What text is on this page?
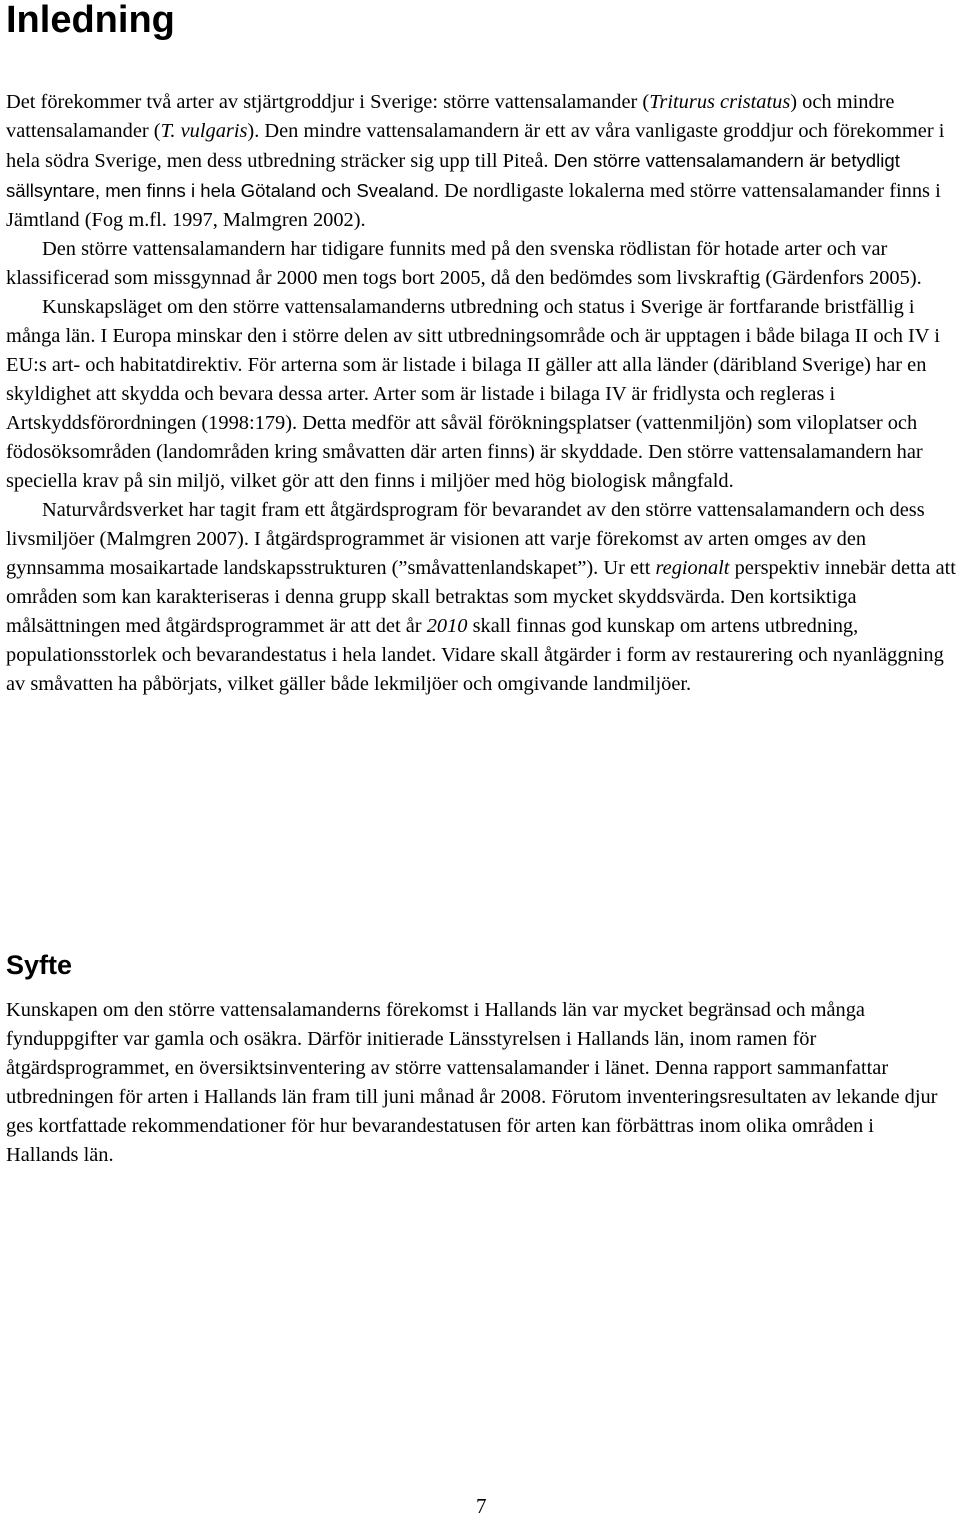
Inledning

Det förekommer två arter av stjärtgroddjur i Sverige: större vattensalamander (Triturus cristatus) och mindre vattensalamander (T. vulgaris). Den mindre vattensalamandern är ett av våra vanligaste groddjur och förekommer i hela södra Sverige, men dess utbredning sträcker sig upp till Piteå. Den större vattensalamandern är betydligt sällsyntare, men finns i hela Götaland och Svealand. De nordligaste lokalerna med större vattensalamander finns i Jämtland (Fog m.fl. 1997, Malmgren 2002).

Den större vattensalamandern har tidigare funnits med på den svenska rödlistan för hotade arter och var klassificerad som missgynnad år 2000 men togs bort 2005, då den bedömdes som livskraftig (Gärdenfors 2005).

Kunskapsläget om den större vattensalamanderns utbredning och status i Sverige är fortfarande bristfällig i många län. I Europa minskar den i större delen av sitt utbredningsområde och är upptagen i både bilaga II och IV i EU:s art- och habitatdirektiv. För arterna som är listade i bilaga II gäller att alla länder (däribland Sverige) har en skyldighet att skydda och bevara dessa arter. Arter som är listade i bilaga IV är fridlysta och regleras i Artskyddsförordningen (1998:179). Detta medför att såväl förökningsplatser (vattenmiljön) som viloplatser och födosöksområden (landområden kring småvatten där arten finns) är skyddade. Den större vattensalamandern har speciella krav på sin miljö, vilket gör att den finns i miljöer med hög biologisk mångfald.

Naturvårdsverket har tagit fram ett åtgärdsprogram för bevarandet av den större vattensalamandern och dess livsmiljöer (Malmgren 2007). I åtgärdsprogrammet är visionen att varje förekomst av arten omges av den gynnsamma mosaikartade landskapsstrukturen (”småvattenlandskapet”). Ur ett regionalt perspektiv innebär detta att områden som kan karakteriseras i denna grupp skall betraktas som mycket skyddsvärda. Den kortsiktiga målsättningen med åtgärdsprogrammet är att det år 2010 skall finnas god kunskap om artens utbredning, populationsstorlek och bevarandestatus i hela landet. Vidare skall åtgärder i form av restaurering och nyanläggning av småvatten ha påbörjats, vilket gäller både lekmiljöer och omgivande landmiljöer.

Syfte

Kunskapen om den större vattensalamanderns förekomst i Hallands län var mycket begränsad och många fynduppgifter var gamla och osäkra. Därför initierade Länsstyrelsen i Hallands län, inom ramen för åtgärdsprogrammet, en översiktsinventering av större vattensalamander i länet. Denna rapport sammanfattar utbredningen för arten i Hallands län fram till juni månad år 2008. Förutom inventeringsresultaten av lekande djur ges kortfattade rekommendationer för hur bevarandestatusen för arten kan förbättras inom olika områden i Hallands län.

7
